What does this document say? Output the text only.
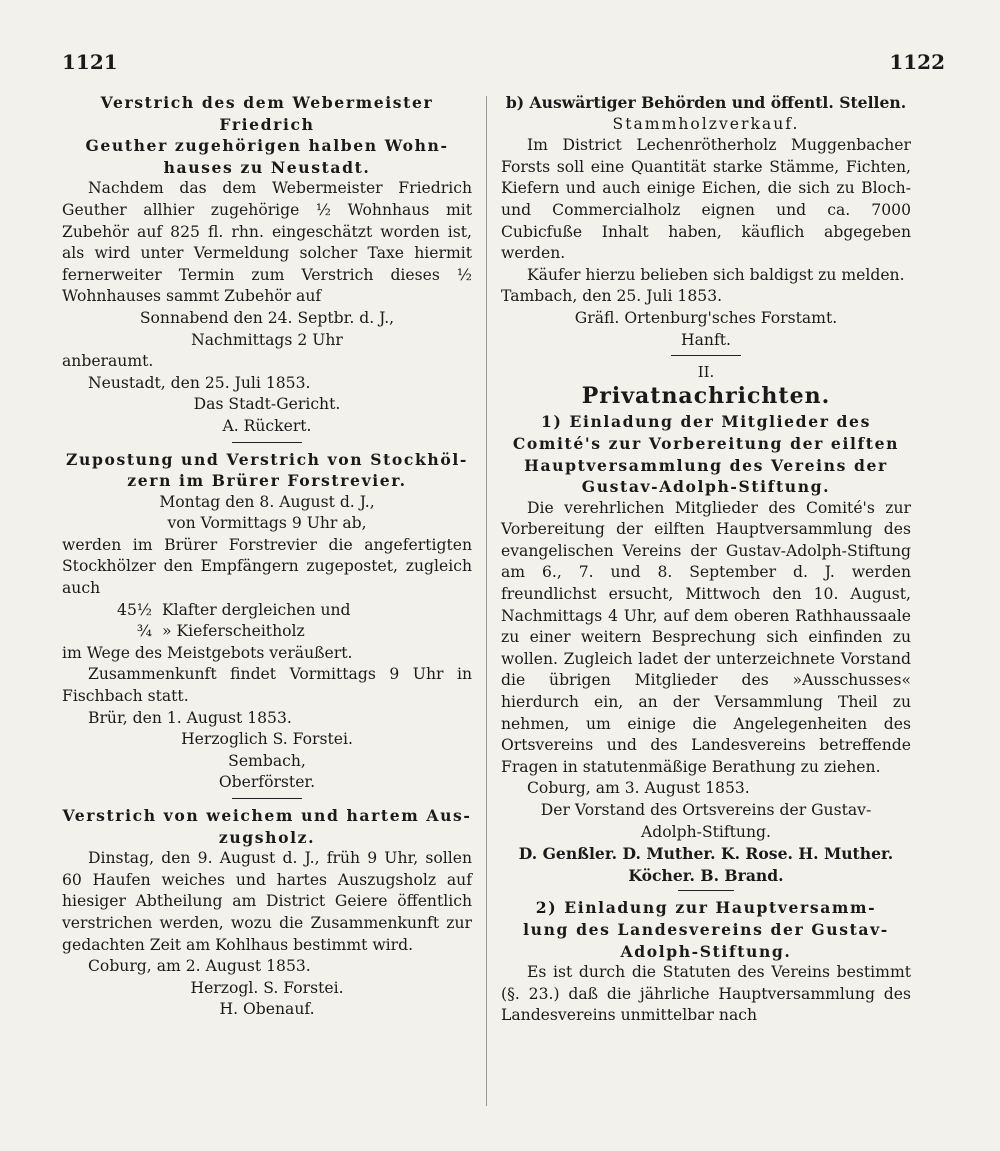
1121	1122

Verstrich des dem Webermeister Friedrich

Geuther zugehörigen halben Wohn-

hauses zu Neustadt.

Nachdem das dem Webermeister Friedrich Geuther allhier zugehörige ½ Wohnhaus mit Zubehör auf 825 fl. rhn. eingeschätzt worden ist, als wird unter Vermeldung solcher Taxe hiermit fernerweiter Termin zum Verstrich dieses ½ Wohnhauses sammt Zubehör auf

Sonnabend den 24. Septbr. d. J.,

Nachmittags 2 Uhr

anberaumt.

Neustadt, den 25. Juli 1853.

Das Stadt-Gericht.

A. Rückert.

Zupostung und Verstrich von Stockhöl-

zern im Brürer Forstrevier.

Montag den 8. August d. J.,

von Vormittags 9 Uhr ab,

werden im Brürer Forstrevier die angefertigten Stockhölzer den Empfängern zugepostet, zugleich auch

45½ Klafter dergleichen und
¾ » Kieferscheitholz

im Wege des Meistgebots veräußert.

Zusammenkunft findet Vormittags 9 Uhr in Fischbach statt.

Brür, den 1. August 1853.

Herzoglich S. Forstei.

Sembach,

Oberförster.

Verstrich von weichem und hartem Aus-

zugsholz.

Dinstag, den 9. August d. J., früh 9 Uhr, sollen 60 Haufen weiches und hartes Auszugsholz auf hiesiger Abtheilung am District Geiere öffentlich verstrichen werden, wozu die Zusammenkunft zur gedachten Zeit am Kohlhaus bestimmt wird.

Coburg, am 2. August 1853.

Herzogl. S. Forstei.

H. Obenauf.

b) Auswärtiger Behörden und öffentl. Stellen.

Stammholzverkauf.

Im District Lechenrötherholz Muggenbacher Forsts soll eine Quantität starke Stämme, Fichten, Kiefern und auch einige Eichen, die sich zu Bloch- und Commercialholz eignen und ca. 7000 Cubicfuße Inhalt haben, käuflich abgegeben werden.

Käufer hierzu belieben sich baldigst zu melden.

Tambach, den 25. Juli 1853.

Gräfl. Ortenburg'sches Forstamt.

Hanft.

II.

Privatnachrichten.

1) Einladung der Mitglieder des

Comité's zur Vorbereitung der eilften

Hauptversammlung des Vereins der

Gustav-Adolph-Stiftung.

Die verehrlichen Mitglieder des Comité's zur Vorbereitung der eilften Hauptversammlung des evangelischen Vereins der Gustav-Adolph-Stiftung am 6., 7. und 8. September d. J. werden freundlichst ersucht, Mittwoch den 10. August, Nachmittags 4 Uhr, auf dem oberen Rathhaussaale zu einer weitern Besprechung sich einfinden zu wollen. Zugleich ladet der unterzeichnete Vorstand die übrigen Mitglieder des »Ausschusses« hierdurch ein, an der Versammlung Theil zu nehmen, um einige die Angelegenheiten des Ortsvereins und des Landesvereins betreffende Fragen in statutenmäßige Berathung zu ziehen.

Coburg, am 3. August 1853.

Der Vorstand des Ortsvereins der Gustav-

Adolph-Stiftung.

D. Genßler. D. Muther. K. Rose. H. Muther.

Köcher. B. Brand.

2) Einladung zur Hauptversamm-

lung des Landesvereins der Gustav-

Adolph-Stiftung.

Es ist durch die Statuten des Vereins bestimmt (§. 23.) daß die jährliche Hauptversammlung des Landesvereins unmittelbar nach
